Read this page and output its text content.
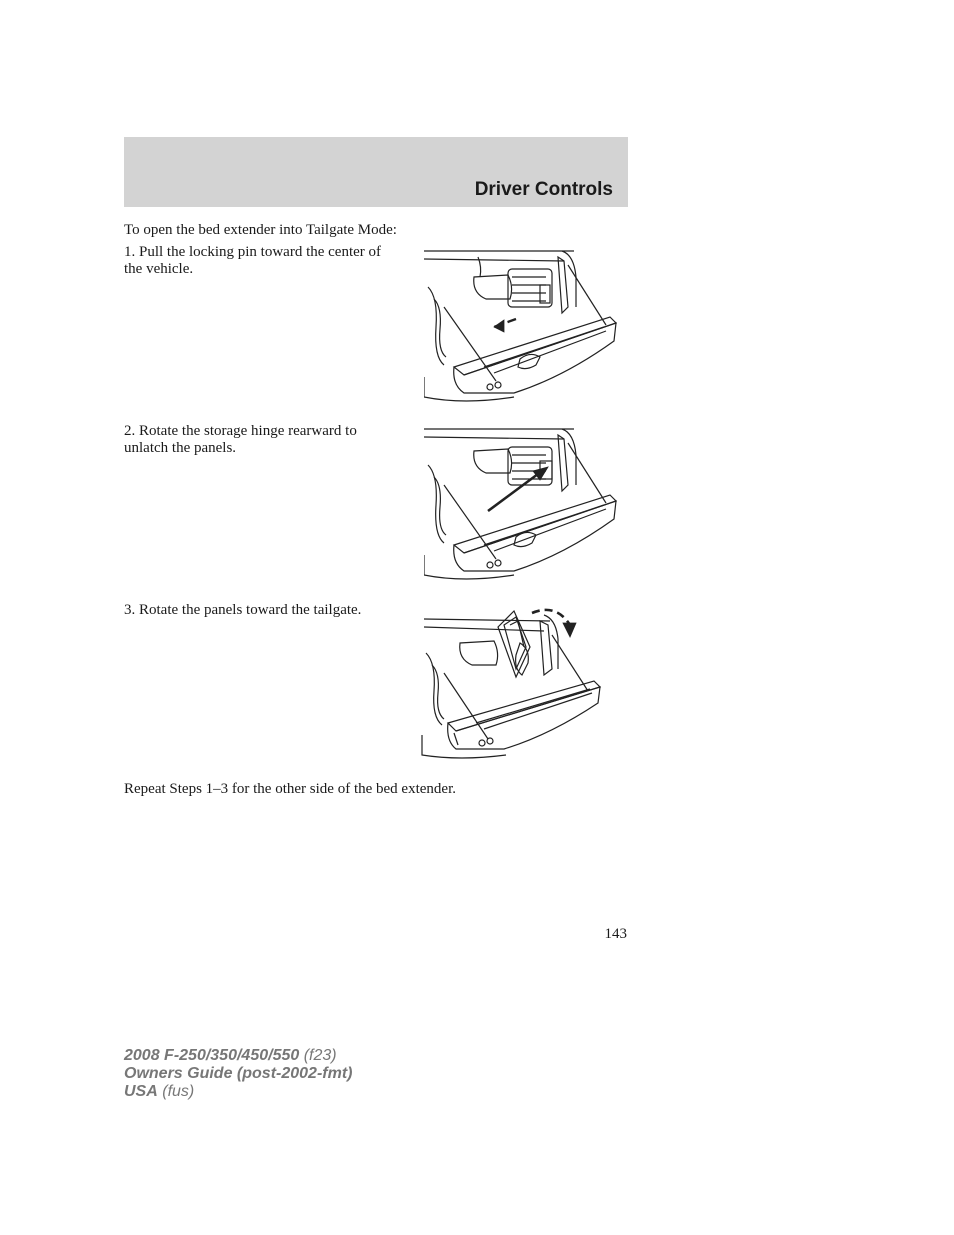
Driver Controls
To open the bed extender into Tailgate Mode:
1. Pull the locking pin toward the center of the vehicle.
2. Rotate the storage hinge rearward to unlatch the panels.
3. Rotate the panels toward the tailgate.
Repeat Steps 1–3 for the other side of the bed extender.
143
2008 F-250/350/450/550 (f23)
Owners Guide (post-2002-fmt)
USA (fus)
